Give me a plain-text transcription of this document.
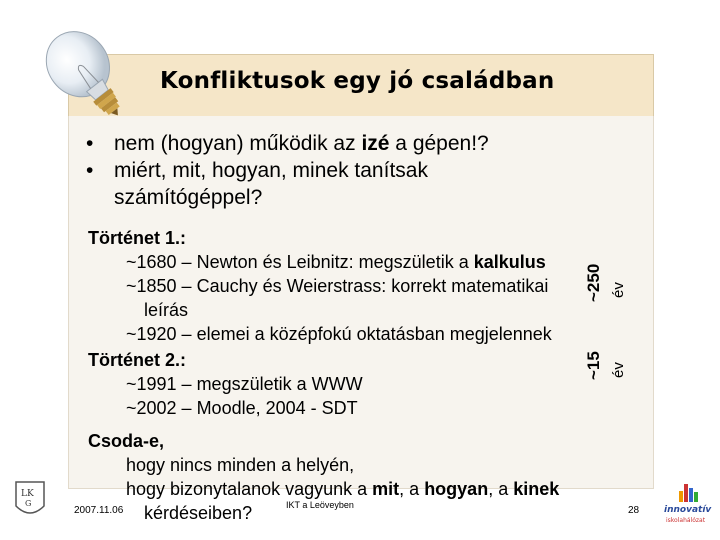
Konfliktusok egy jó családban
• nem (hogyan) működik az izé a gépen!?
• miért, mit, hogyan, minek tanítsak
számítógéppel?
Történet 1.:
~1680 – Newton és Leibnitz: megszületik a kalkulus
~1850 – Cauchy és Weierstrass: korrekt matematikai
leírás
~1920 – elemei a középfokú oktatásban megjelennek
Történet 2.:
~1991 – megszületik a WWW
~2002 – Moodle, 2004 - SDT
~250 év
~15 év
Csoda-e,
hogy nincs minden a helyén,
hogy bizonytalanok vagyunk a mit, a hogyan, a kinek
kérdéseiben?
2007.11.06	IKT a Leöveyben	28
LK
G
innovatív
iskolahálózat
